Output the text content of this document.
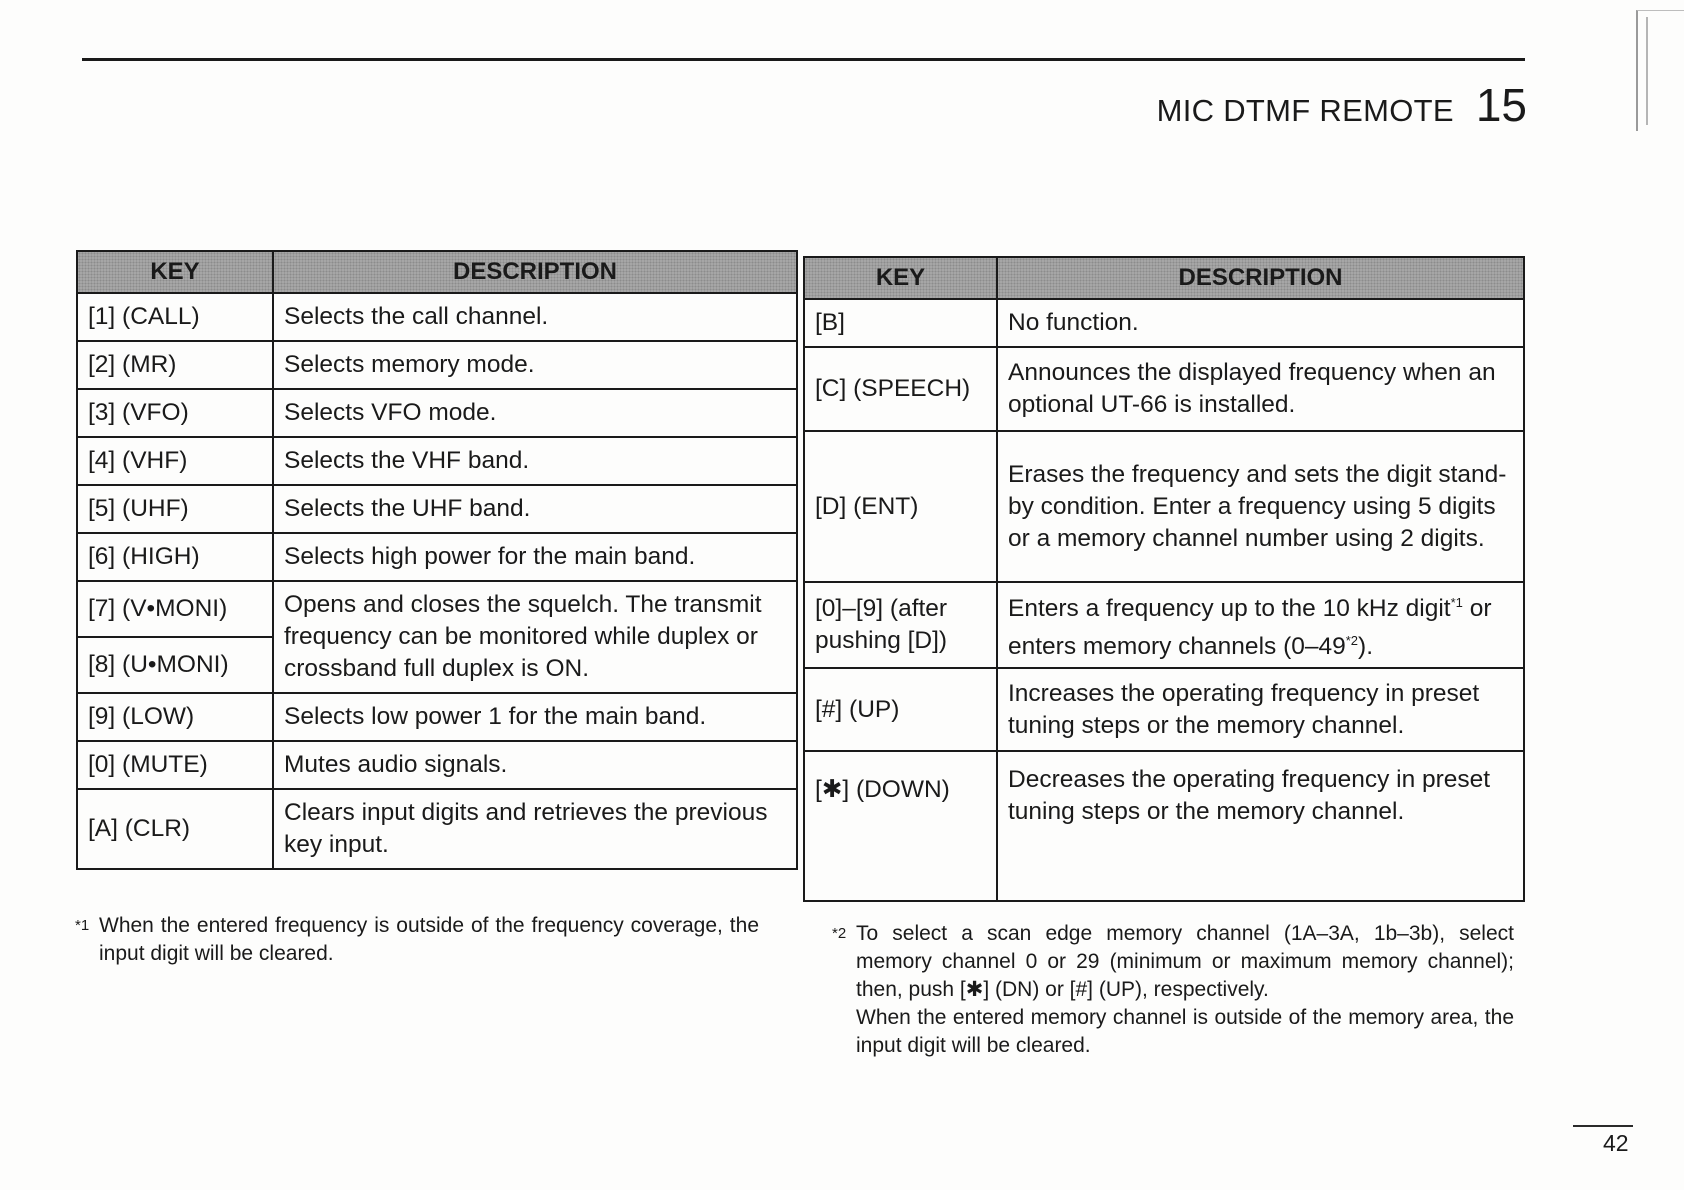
MIC DTMF REMOTE 15
KEY	DESCRIPTION
[1] (CALL)	Selects the call channel.
[2] (MR)	Selects memory mode.
[3] (VFO)	Selects VFO mode.
[4] (VHF)	Selects the VHF band.
[5] (UHF)	Selects the UHF band.
[6] (HIGH)	Selects high power for the main band.
[7] (V•MONI)	Opens and closes the squelch. The transmit frequency can be monitored while duplex or crossband full duplex is ON.
[8] (U•MONI)	
[9] (LOW)	Selects low power 1 for the main band.
[0] (MUTE)	Mutes audio signals.
[A] (CLR)	Clears input digits and retrieves the previous key input.
KEY	DESCRIPTION
[B]	No function.
[C] (SPEECH)	Announces the displayed frequency when an optional UT-66 is installed.
[D] (ENT)	Erases the frequency and sets the digit stand-by condition. Enter a frequency using 5 digits or a memory channel number using 2 digits.
[0]–[9] (after pushing [D])	Enters a frequency up to the 10 kHz digit$^{*1}$ or enters memory channels (0–49$^{*2}$).
[#] (UP)	Increases the operating frequency in preset tuning steps or the memory channel.
[✱] (DOWN)	Decreases the operating frequency in preset tuning steps or the memory channel.
*1 When the entered frequency is outside of the frequency coverage, the input digit will be cleared.
*2 To select a scan edge memory channel (1A–3A, 1b–3b), select memory channel 0 or 29 (minimum or maximum memory channel); then, push [✱] (DN) or [#] (UP), respectively.

When the entered memory channel is outside of the memory area, the input digit will be cleared.

42
